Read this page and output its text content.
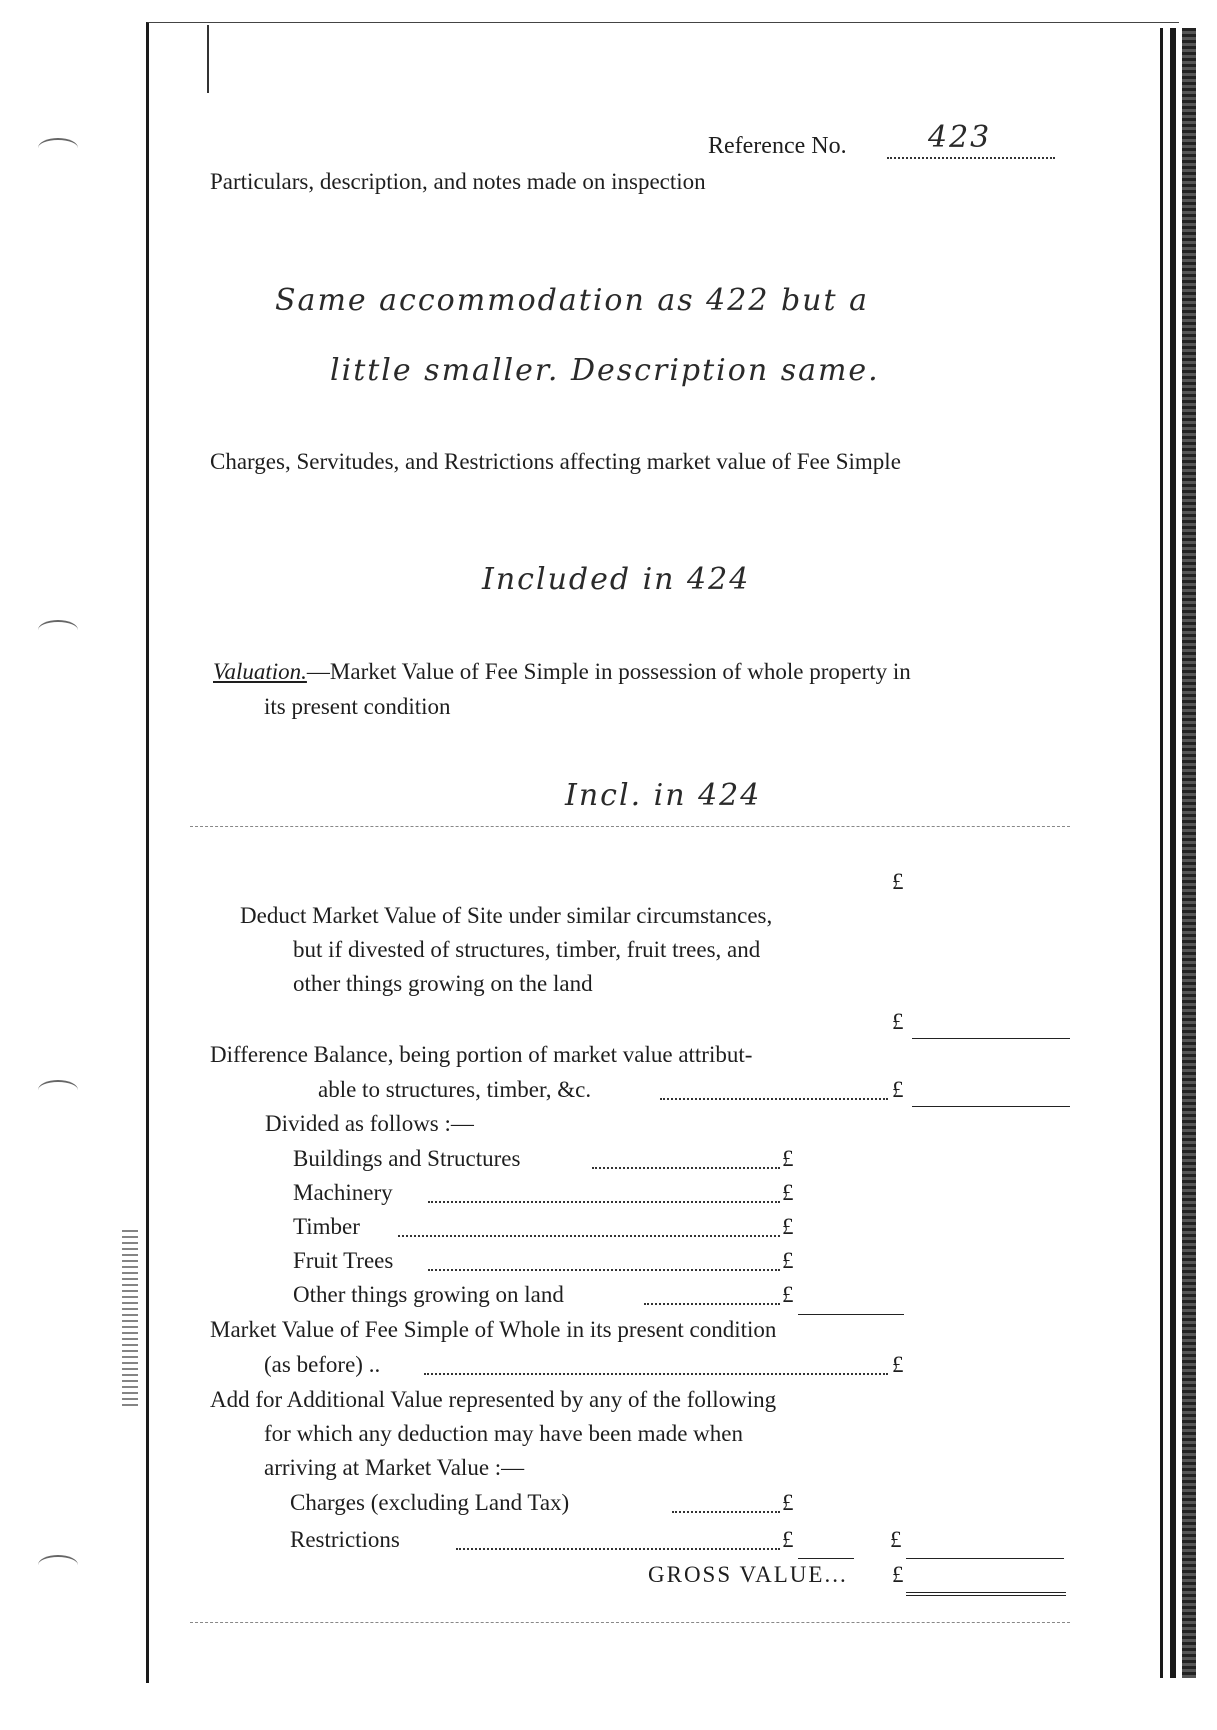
Reference No.	423
Particulars, description, and notes made on inspection
Same accommodation as 422 but a
little smaller. Description same.
Charges, Servitudes, and Restrictions affecting market value of Fee Simple
Included in 424
Valuation.—Market Value of Fee Simple in possession of whole property in
its present condition
Incl. in 424
£
Deduct Market Value of Site under similar circumstances,
but if divested of structures, timber, fruit trees, and
other things growing on the land
£
Difference Balance, being portion of market value attribut-
able to structures, timber, &c.	£
Divided as follows :—
Buildings and Structures	£
Machinery	£
Timber	£
Fruit Trees	£
Other things growing on land	£
Market Value of Fee Simple of Whole in its present condition
(as before) ..	£
Add for Additional Value represented by any of the following
for which any deduction may have been made when
arriving at Market Value :—
Charges (excluding Land Tax)	£
Restrictions	£	£
GROSS VALUE... £
